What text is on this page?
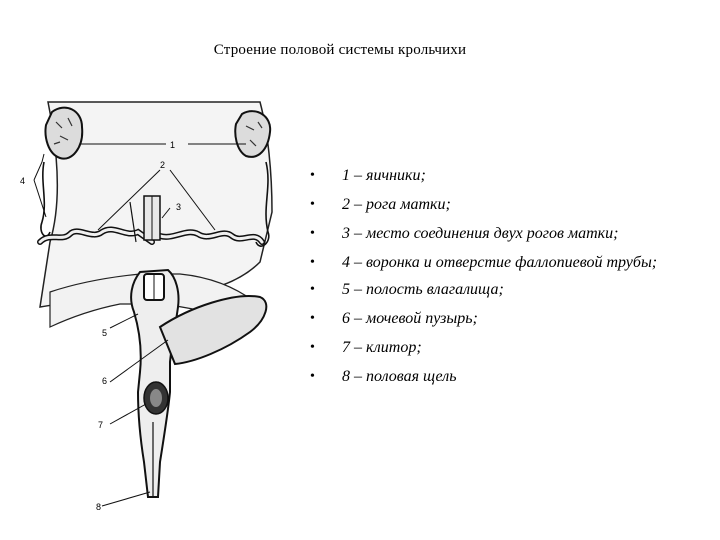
Строение половой системы крольчихи
1
2
3
4
5
6
7
8
• 1 – яичники;
• 2 – рога матки;
• 3 – место соединения двух рогов матки;
• 4 – воронка и отверстие фаллопиевой трубы;
• 5 – полость влагалища;
• 6 – мочевой пузырь;
• 7 – клитор;
• 8 – половая щель
